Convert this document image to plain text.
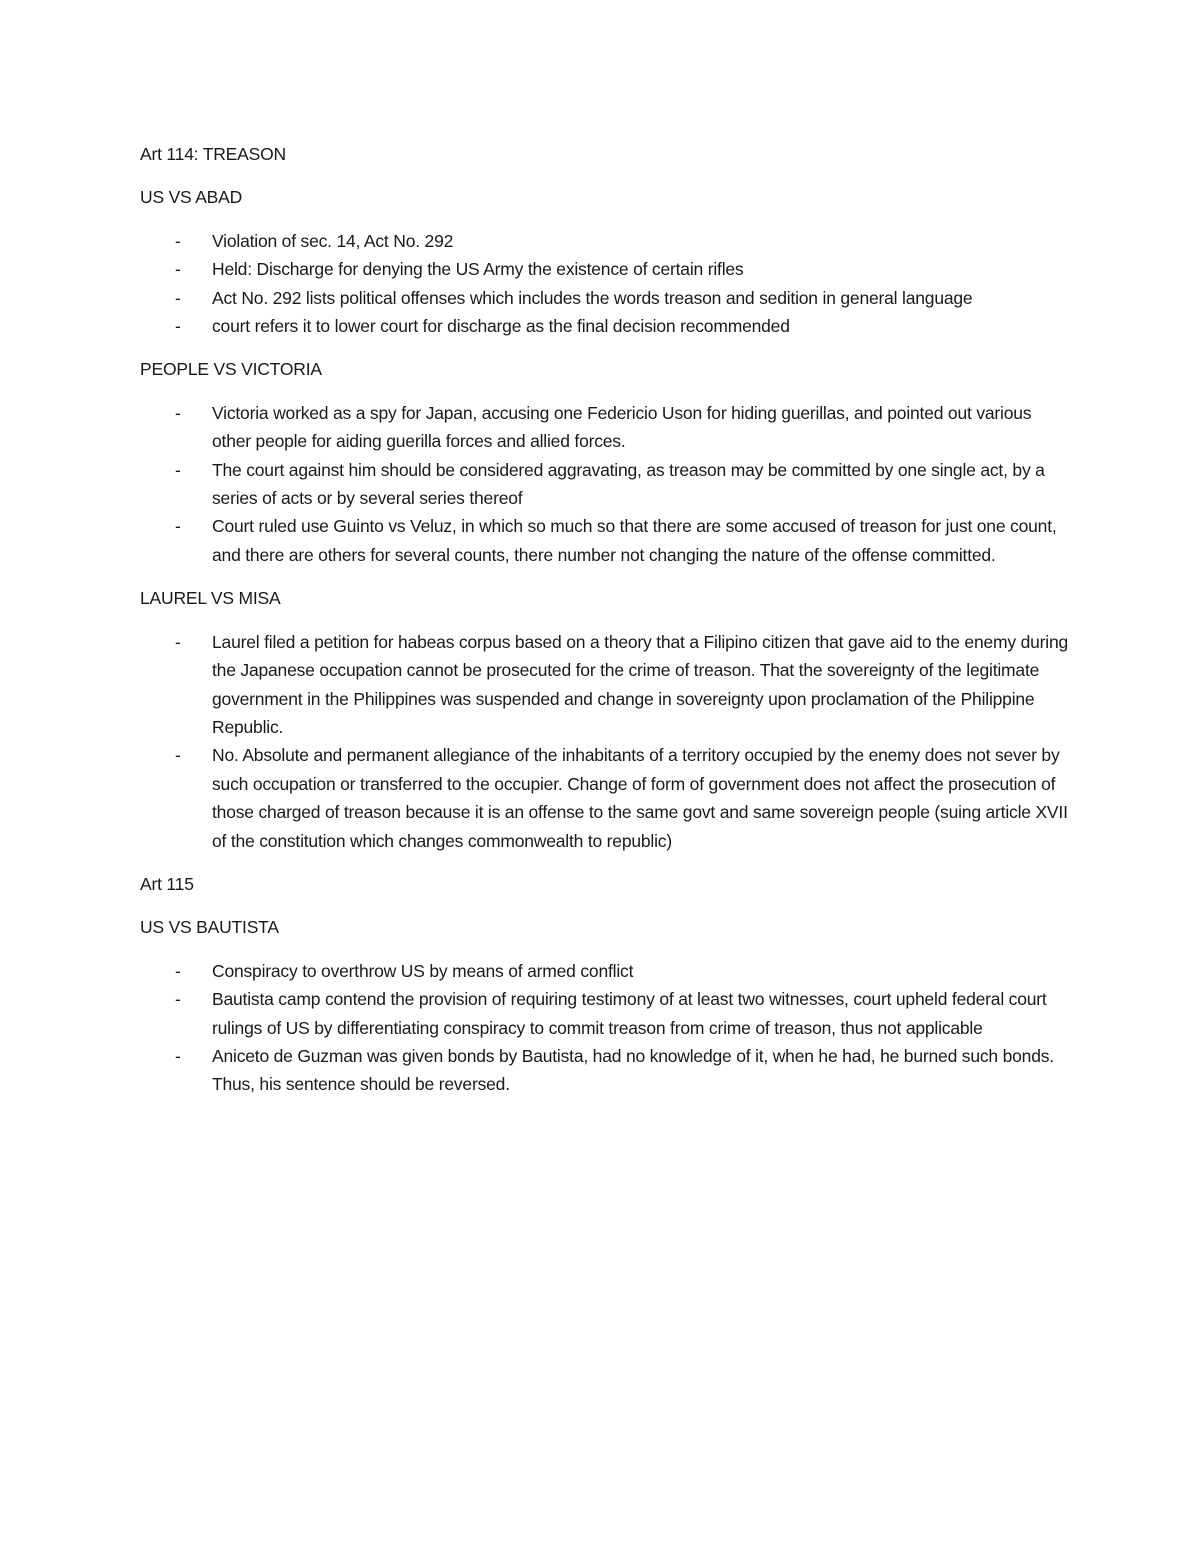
Art 114: TREASON

US VS ABAD

- Violation of sec. 14, Act No. 292
- Held: Discharge for denying the US Army the existence of certain rifles
- Act No. 292 lists political offenses which includes the words treason and sedition in general language
- court refers it to lower court for discharge as the final decision recommended

PEOPLE VS VICTORIA

- Victoria worked as a spy for Japan, accusing one Federicio Uson for hiding guerillas, and pointed out various other people for aiding guerilla forces and allied forces.
- The court against him should be considered aggravating, as treason may be committed by one single act, by a series of acts or by several series thereof
- Court ruled use Guinto vs Veluz, in which so much so that there are some accused of treason for just one count, and there are others for several counts, there number not changing the nature of the offense committed.

LAUREL VS MISA

- Laurel filed a petition for habeas corpus based on a theory that a Filipino citizen that gave aid to the enemy during the Japanese occupation cannot be prosecuted for the crime of treason. That the sovereignty of the legitimate government in the Philippines was suspended and change in sovereignty upon proclamation of the Philippine Republic.
- No. Absolute and permanent allegiance of the inhabitants of a territory occupied by the enemy does not sever by such occupation or transferred to the occupier. Change of form of government does not affect the prosecution of those charged of treason because it is an offense to the same govt and same sovereign people (suing article XVII of the constitution which changes commonwealth to republic)

Art 115

US VS BAUTISTA

- Conspiracy to overthrow US by means of armed conflict
- Bautista camp contend the provision of requiring testimony of at least two witnesses, court upheld federal court rulings of US by differentiating conspiracy to commit treason from crime of treason, thus not applicable
- Aniceto de Guzman was given bonds by Bautista, had no knowledge of it, when he had, he burned such bonds. Thus, his sentence should be reversed.
